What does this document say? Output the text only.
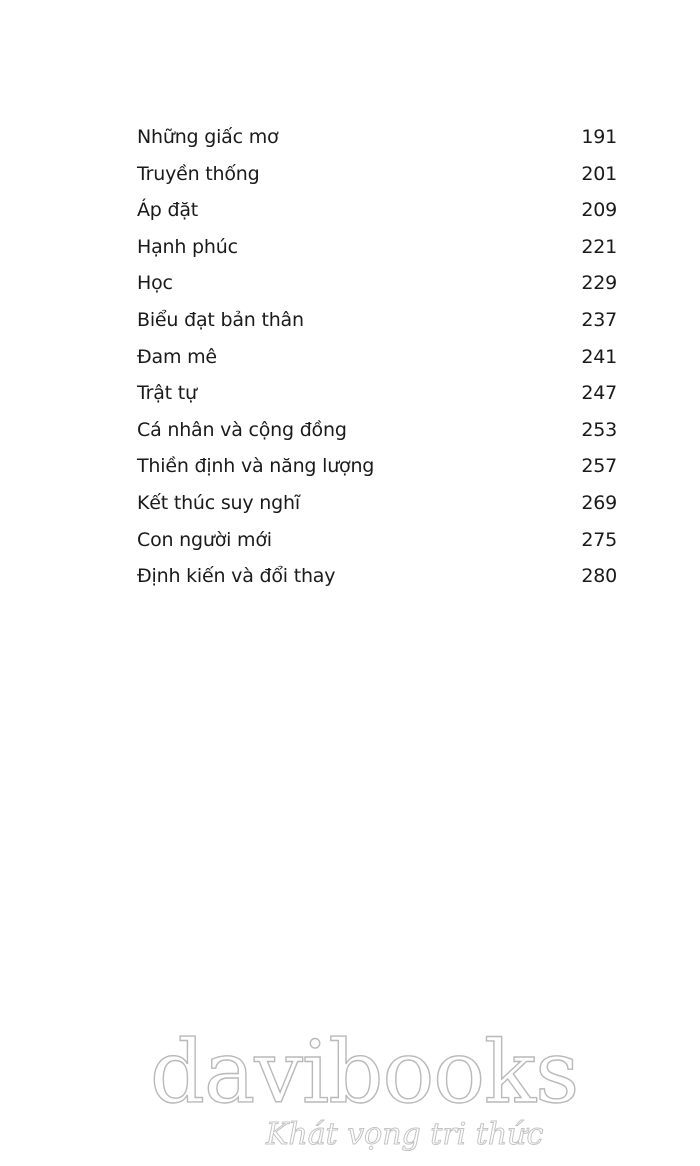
Những giấc mơ	191
Truyền thống	201
Áp đặt	209
Hạnh phúc	221
Học	229
Biểu đạt bản thân	237
Đam mê	241
Trật tự	247
Cá nhân và cộng đồng	253
Thiền định và năng lượng	257
Kết thúc suy nghĩ	269
Con người mới	275
Định kiến và đổi thay	280
davibooks
Khát vọng tri thức
